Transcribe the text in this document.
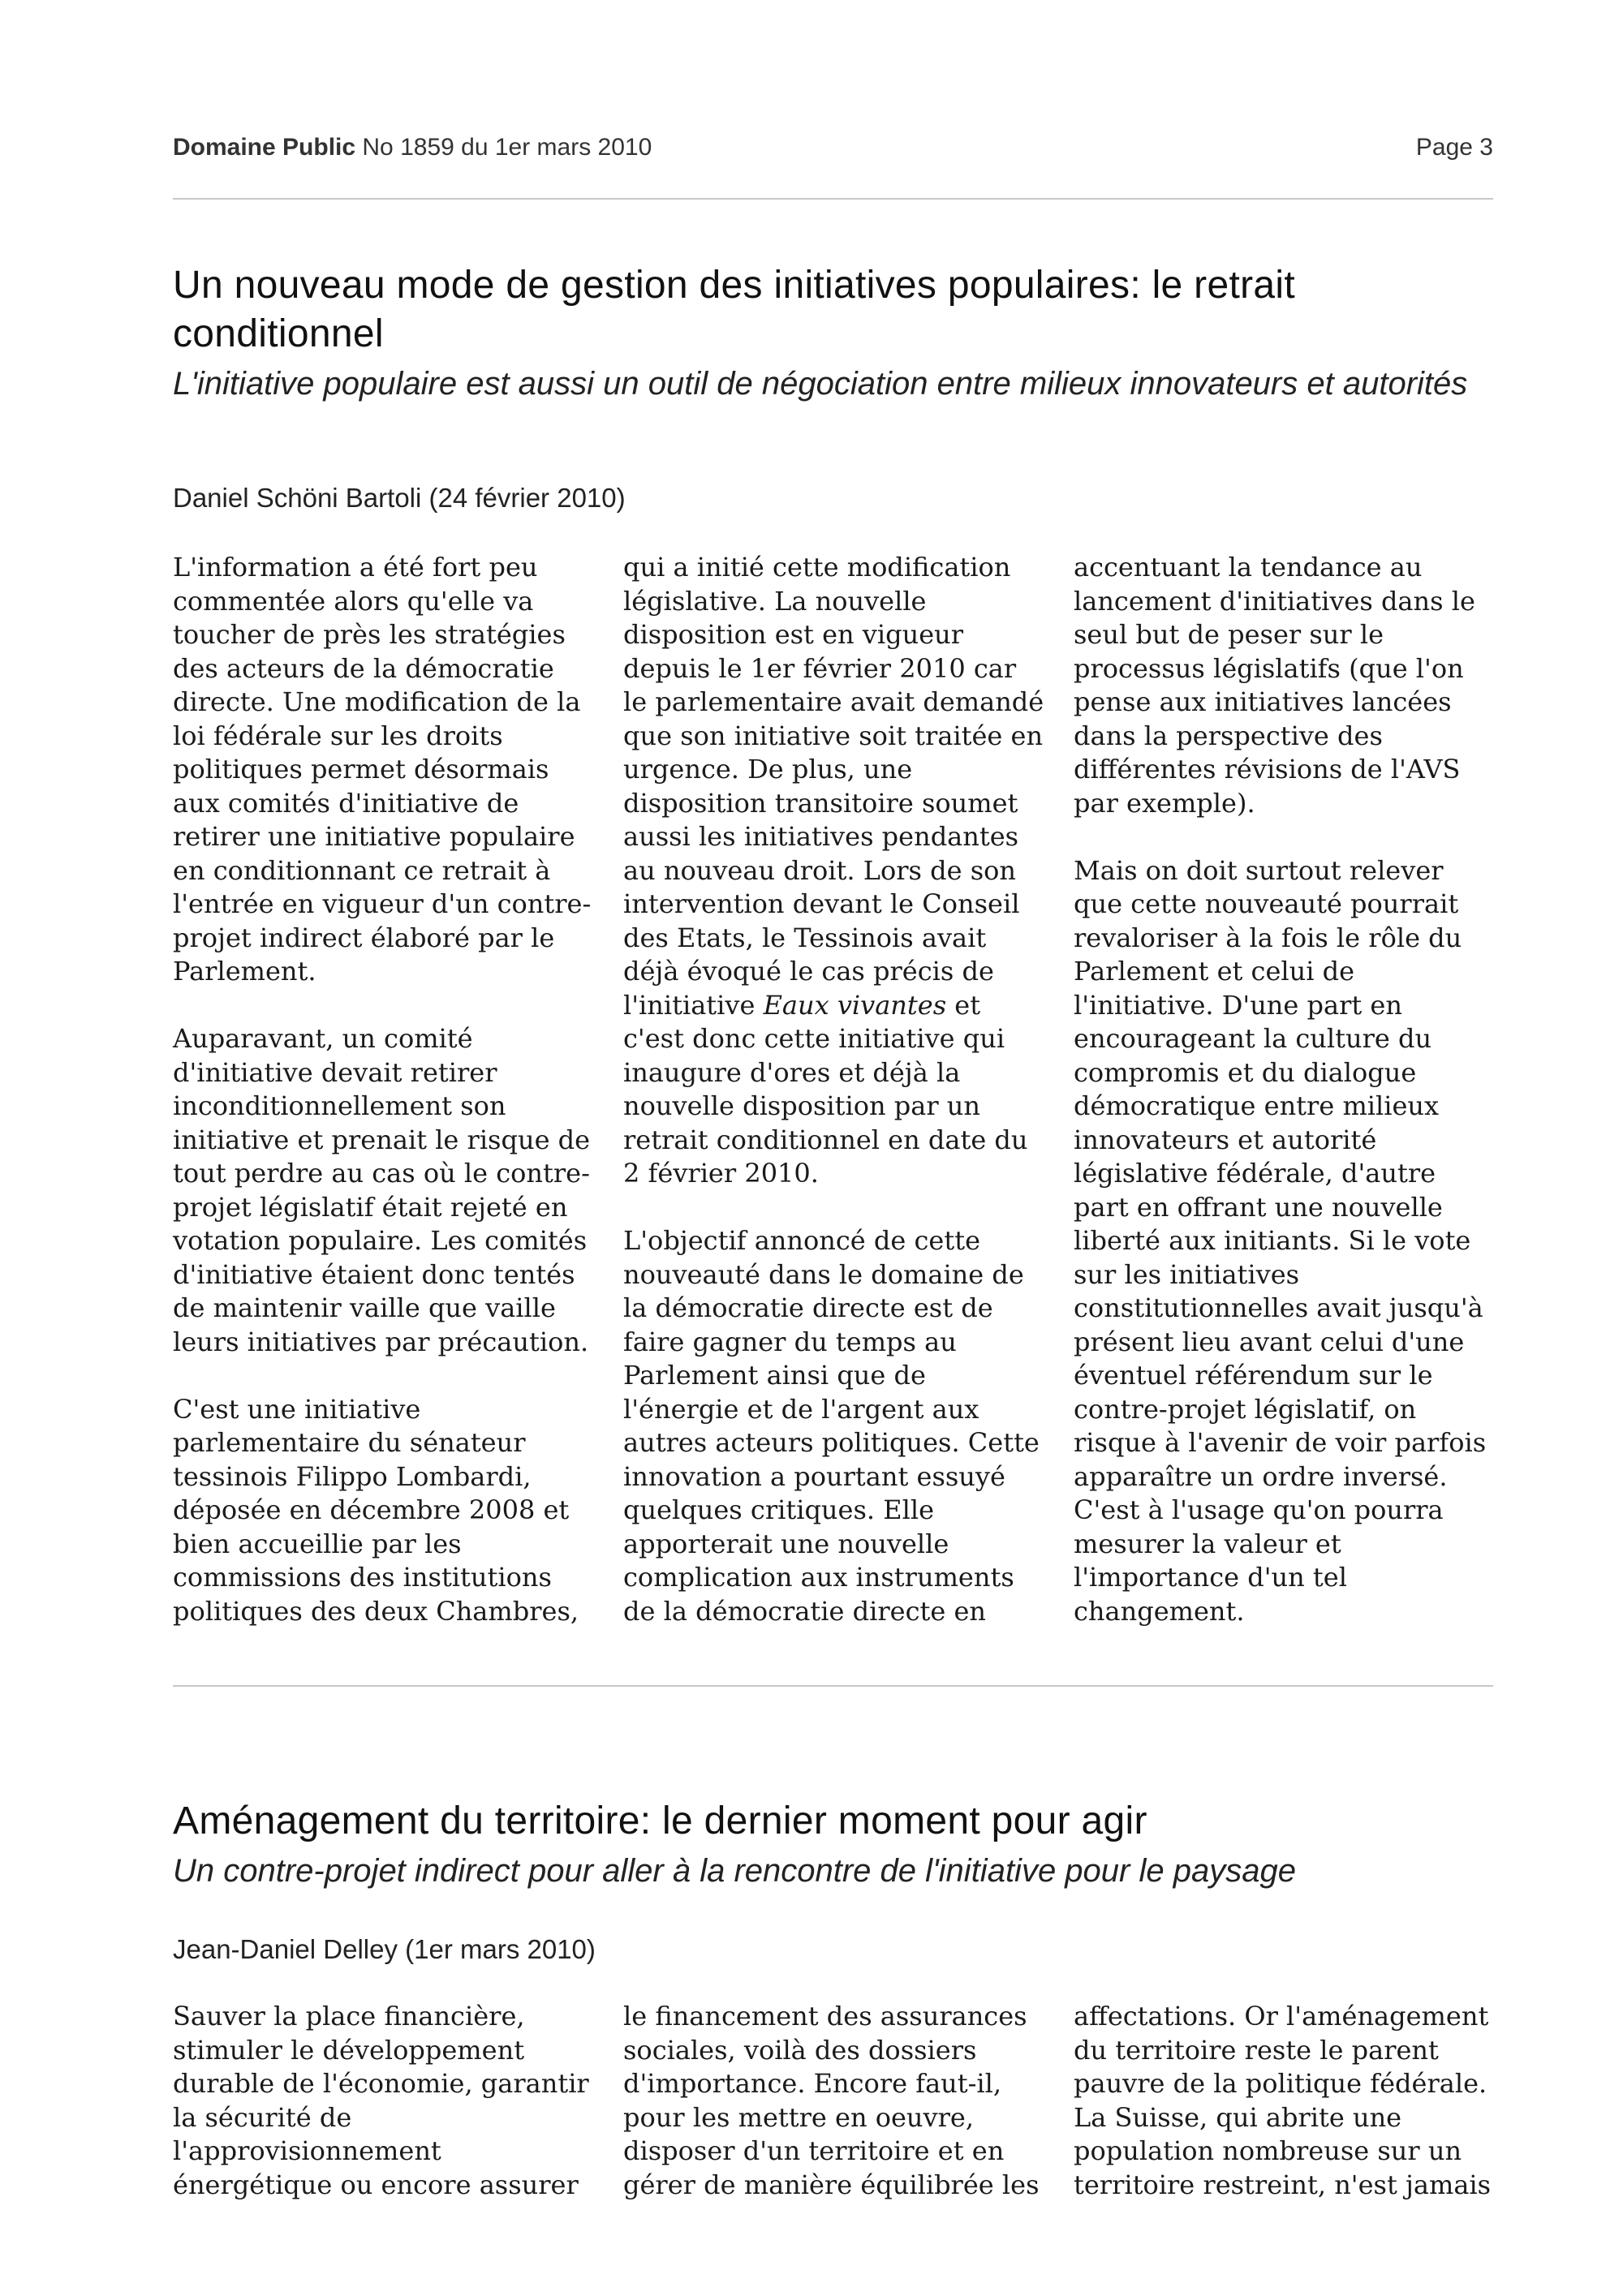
Domaine Public No 1859 du 1er mars 2010	Page 3
Un nouveau mode de gestion des initiatives populaires: le retrait conditionnel

L'initiative populaire est aussi un outil de négociation entre milieux innovateurs et autorités

Daniel Schöni Bartoli (24 février 2010)

L'information a été fort peu commentée alors qu'elle va toucher de près les stratégies des acteurs de la démocratie directe. Une modification de la loi fédérale sur les droits politiques permet désormais aux comités d'initiative de retirer une initiative populaire en conditionnant ce retrait à l'entrée en vigueur d'un contre-projet indirect élaboré par le Parlement.

Auparavant, un comité d'initiative devait retirer inconditionnellement son initiative et prenait le risque de tout perdre au cas où le contre-projet législatif était rejeté en votation populaire. Les comités d'initiative étaient donc tentés de maintenir vaille que vaille leurs initiatives par précaution.

C'est une initiative parlementaire du sénateur tessinois Filippo Lombardi, déposée en décembre 2008 et bien accueillie par les commissions des institutions politiques des deux Chambres,

qui a initié cette modification législative. La nouvelle disposition est en vigueur depuis le 1er février 2010 car le parlementaire avait demandé que son initiative soit traitée en urgence. De plus, une disposition transitoire soumet aussi les initiatives pendantes au nouveau droit. Lors de son intervention devant le Conseil des Etats, le Tessinois avait déjà évoqué le cas précis de l'initiative Eaux vivantes et c'est donc cette initiative qui inaugure d'ores et déjà la nouvelle disposition par un retrait conditionnel en date du 2 février 2010.

L'objectif annoncé de cette nouveauté dans le domaine de la démocratie directe est de faire gagner du temps au Parlement ainsi que de l'énergie et de l'argent aux autres acteurs politiques. Cette innovation a pourtant essuyé quelques critiques. Elle apporterait une nouvelle complication aux instruments de la démocratie directe en

accentuant la tendance au lancement d'initiatives dans le seul but de peser sur le processus législatifs (que l'on pense aux initiatives lancées dans la perspective des différentes révisions de l'AVS par exemple).

Mais on doit surtout relever que cette nouveauté pourrait revaloriser à la fois le rôle du Parlement et celui de l'initiative. D'une part en encourageant la culture du compromis et du dialogue démocratique entre milieux innovateurs et autorité législative fédérale, d'autre part en offrant une nouvelle liberté aux initiants. Si le vote sur les initiatives constitutionnelles avait jusqu'à présent lieu avant celui d'une éventuel référendum sur le contre-projet législatif, on risque à l'avenir de voir parfois apparaître un ordre inversé. C'est à l'usage qu'on pourra mesurer la valeur et l'importance d'un tel changement.

Aménagement du territoire: le dernier moment pour agir

Un contre-projet indirect pour aller à la rencontre de l'initiative pour le paysage

Jean-Daniel Delley (1er mars 2010)

Sauver la place financière, stimuler le développement durable de l'économie, garantir la sécurité de l'approvisionnement énergétique ou encore assurer

le financement des assurances sociales, voilà des dossiers d'importance. Encore faut-il, pour les mettre en oeuvre, disposer d'un territoire et en gérer de manière équilibrée les

affectations. Or l'aménagement du territoire reste le parent pauvre de la politique fédérale. La Suisse, qui abrite une population nombreuse sur un territoire restreint, n'est jamais
